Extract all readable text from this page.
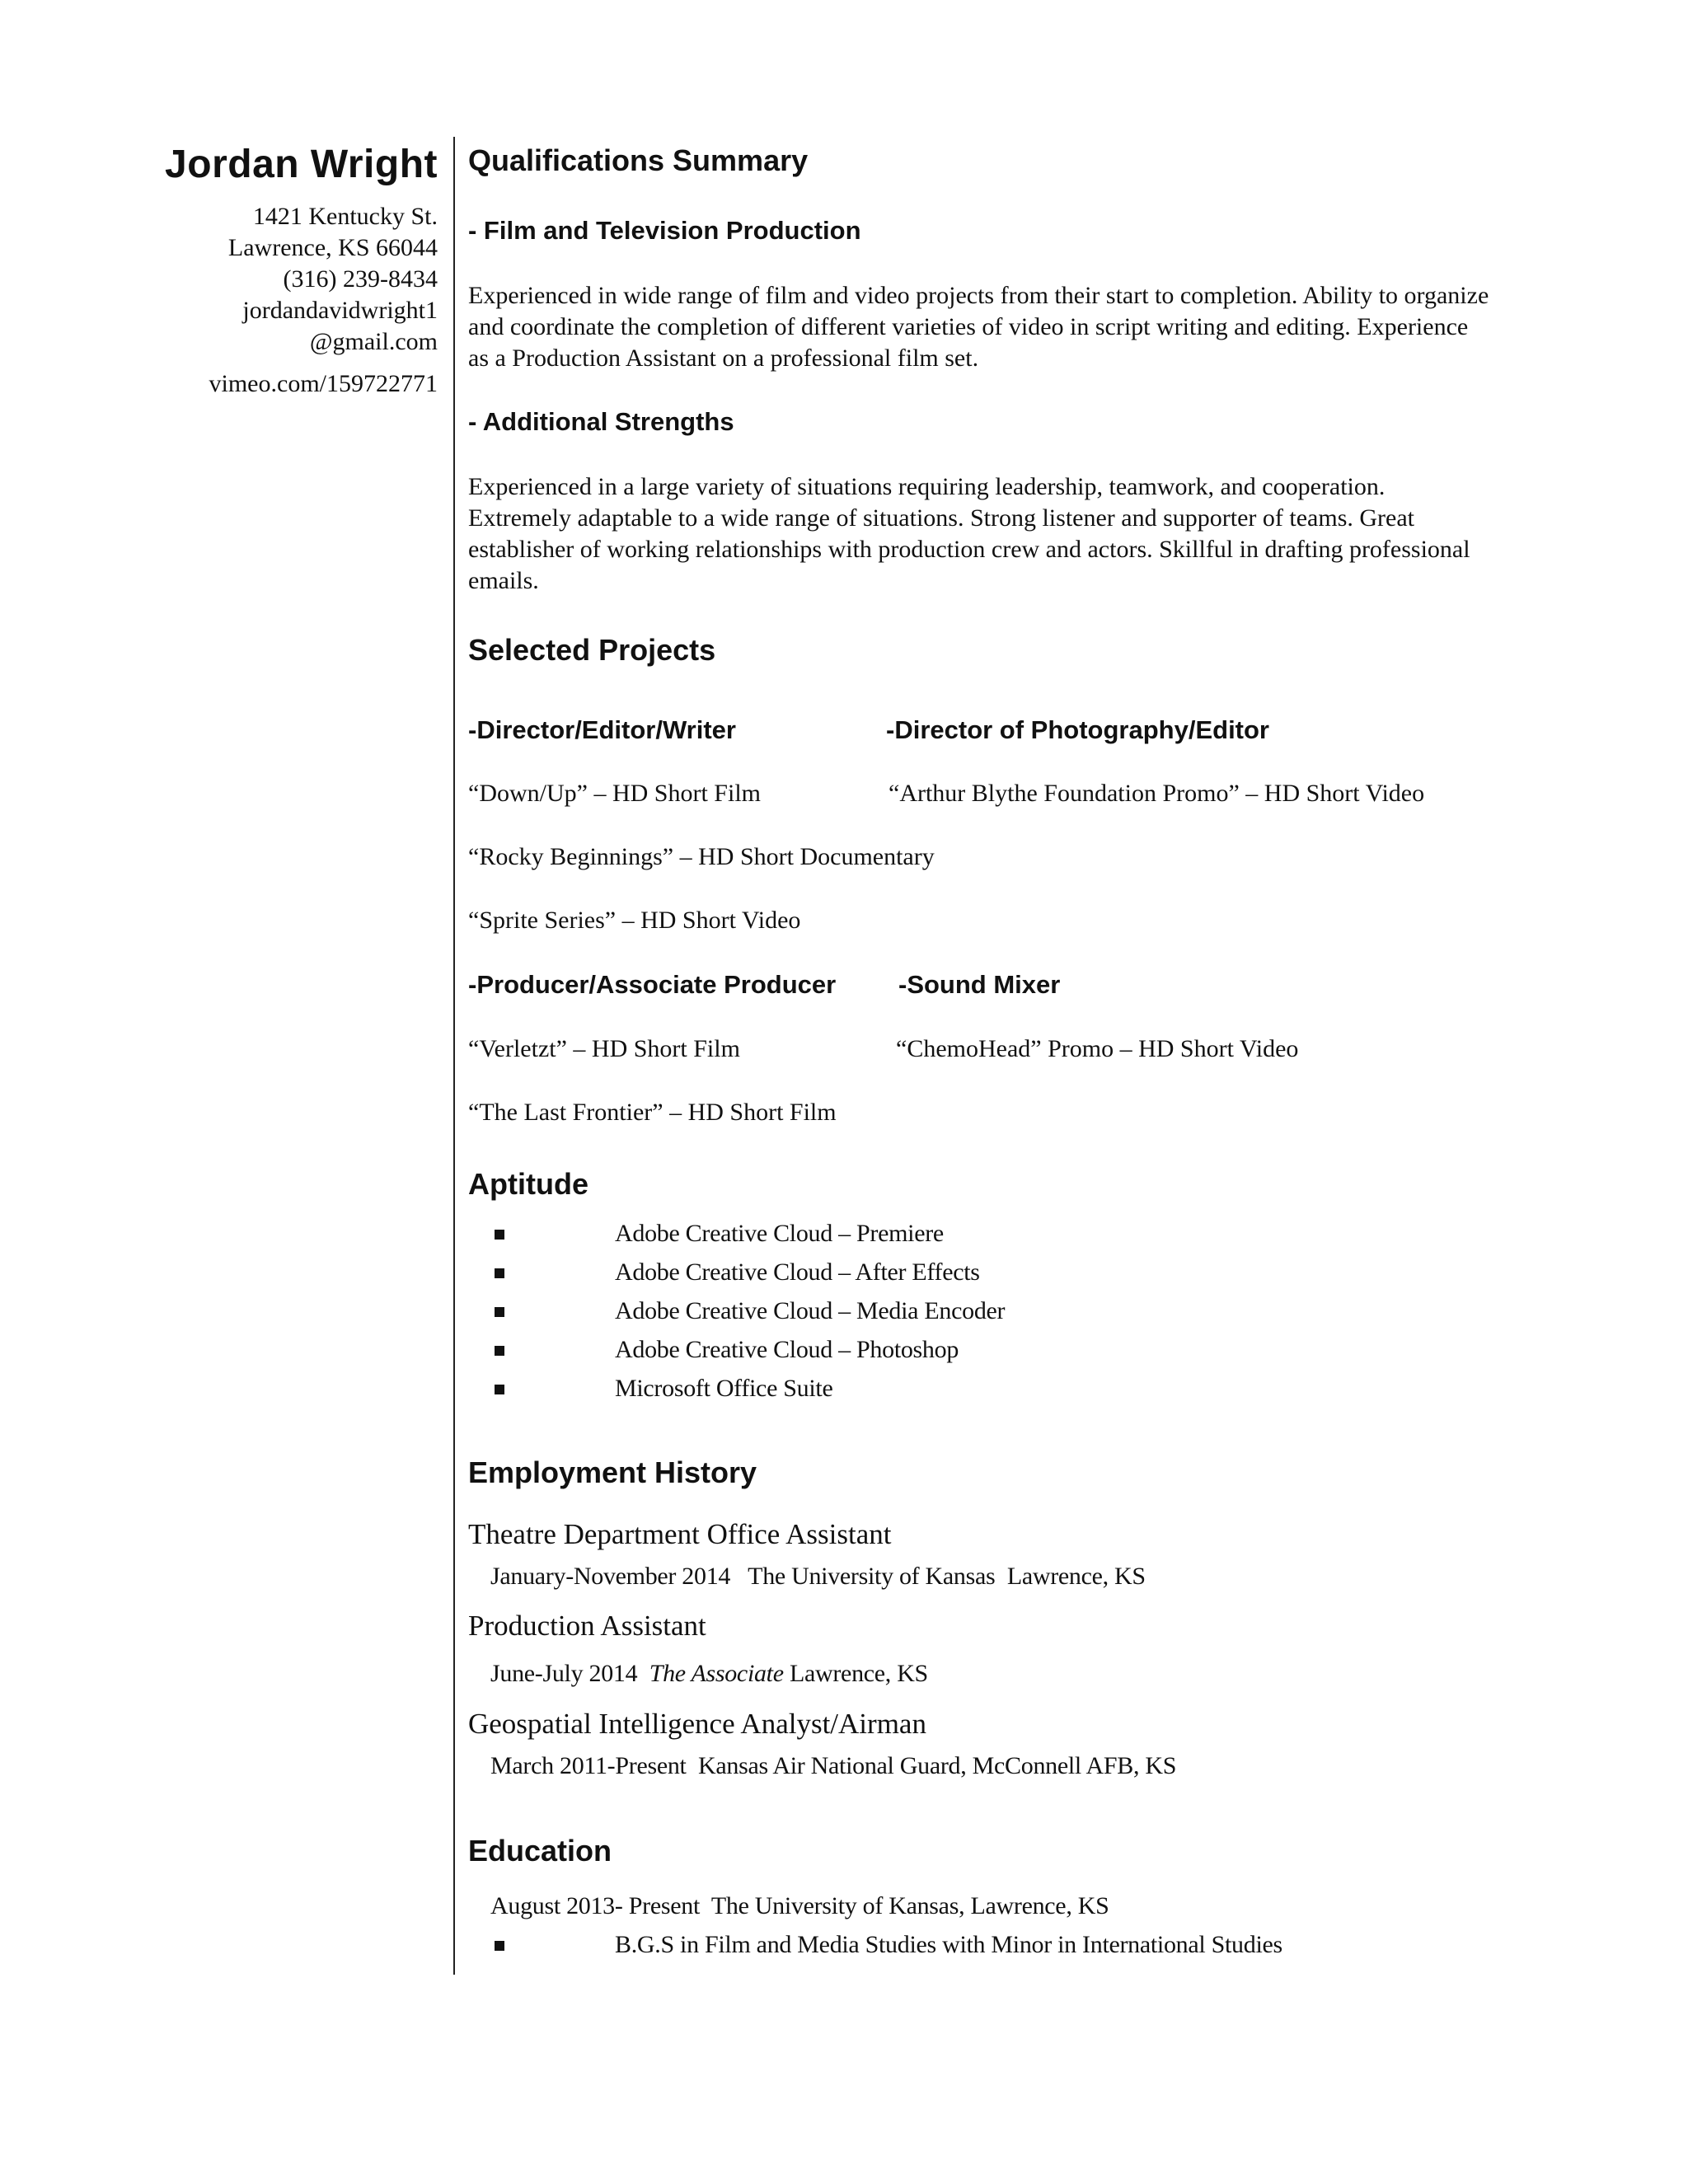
Jordan Wright
1421 Kentucky St.
Lawrence, KS 66044
(316) 239-8434
jordandavidwright1
@gmail.com
vimeo.com/159722771
Qualifications Summary
- Film and Television Production
Experienced in wide range of film and video projects from their start to completion. Ability to organize and coordinate the completion of different varieties of video in script writing and editing. Experience as a Production Assistant on a professional film set.
- Additional Strengths
Experienced in a large variety of situations requiring leadership, teamwork, and cooperation. Extremely adaptable to a wide range of situations. Strong listener and supporter of teams. Great establisher of working relationships with production crew and actors. Skillful in drafting professional emails.
Selected Projects
-Director/Editor/Writer	-Director of Photography/Editor
“Down/Up” – HD Short Film	“Arthur Blythe Foundation Promo” – HD Short Video
“Rocky Beginnings” – HD Short Documentary
“Sprite Series” – HD Short Video
-Producer/Associate Producer -Sound Mixer
“Verletzt” – HD Short Film	“ChemoHead” Promo – HD Short Video
“The Last Frontier” – HD Short Film
Aptitude
Adobe Creative Cloud – Premiere
Adobe Creative Cloud – After Effects
Adobe Creative Cloud – Media Encoder
Adobe Creative Cloud – Photoshop
Microsoft Office Suite
Employment History
Theatre Department Office Assistant
January-November 2014 The University of Kansas Lawrence, KS
Production Assistant
June-July 2014 The Associate Lawrence, KS
Geospatial Intelligence Analyst/Airman
March 2011-Present Kansas Air National Guard, McConnell AFB, KS
Education
August 2013- Present The University of Kansas, Lawrence, KS
B.G.S in Film and Media Studies with Minor in International Studies
